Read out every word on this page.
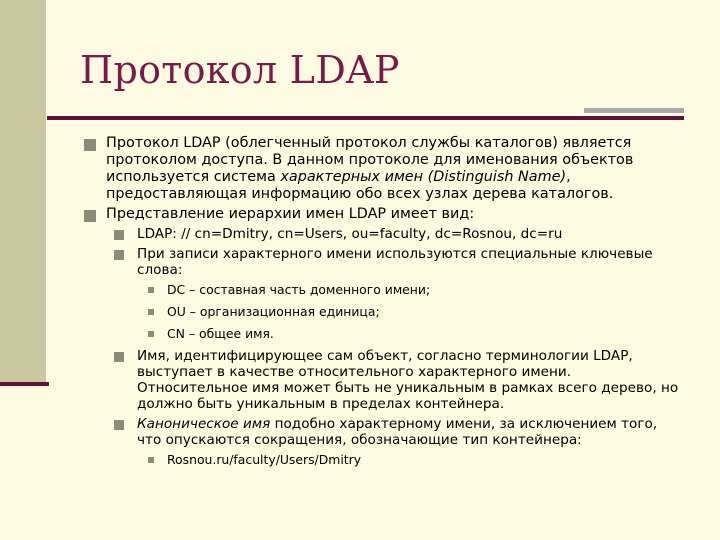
Протокол LDAP
Протокол LDAP (облегченный протокол службы каталогов) является протоколом доступа. В данном протоколе для именования объектов используется система характерных имен (Distinguish Name), предоставляющая информацию обо всех узлах дерева каталогов.
Представление иерархии имен LDAP имеет вид:
LDAP: // cn=Dmitry, cn=Users, ou=faculty, dc=Rosnou, dc=ru
При записи характерного имени используются специальные ключевые слова:
DC – составная часть доменного имени;
OU – организационная единица;
CN – общее имя.
Имя, идентифицирующее сам объект, согласно терминологии LDAP, выступает в качестве относительного характерного имени. Относительное имя может быть не уникальным в рамках всего дерево, но должно быть уникальным в пределах контейнера.
Каноническое имя подобно характерному имени, за исключением того, что опускаются сокращения, обозначающие тип контейнера:
Rosnou.ru/faculty/Users/Dmitry
